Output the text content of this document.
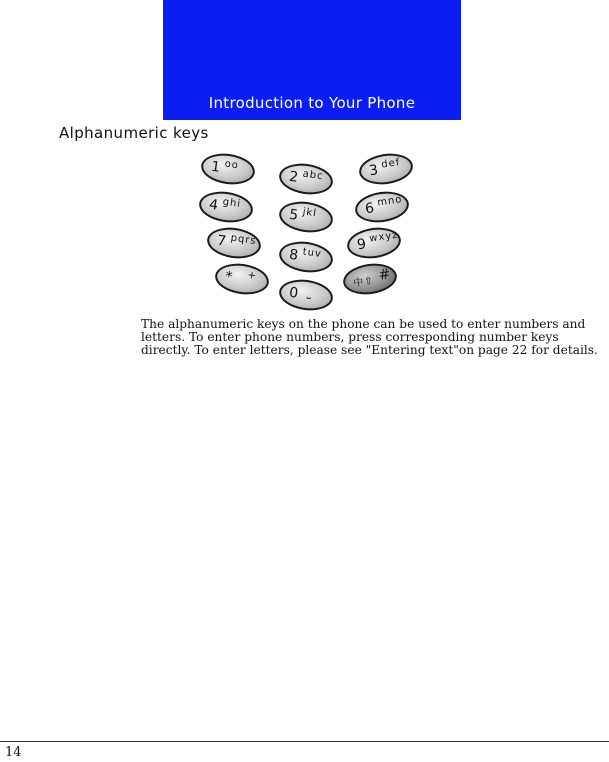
Introduction to Your Phone
Alphanumeric keys
1 oo
2 abc	3 def
4 ghi
5 jkl	6 mno
7 pqrs
8 tuv
9 wxyz
* +
0 ⎵
中⇧ #
The alphanumeric keys on the phone can be used to enter numbers and letters. To enter phone numbers, press corresponding number keys directly. To enter letters, please see "Entering text"on page 22 for details.
14
